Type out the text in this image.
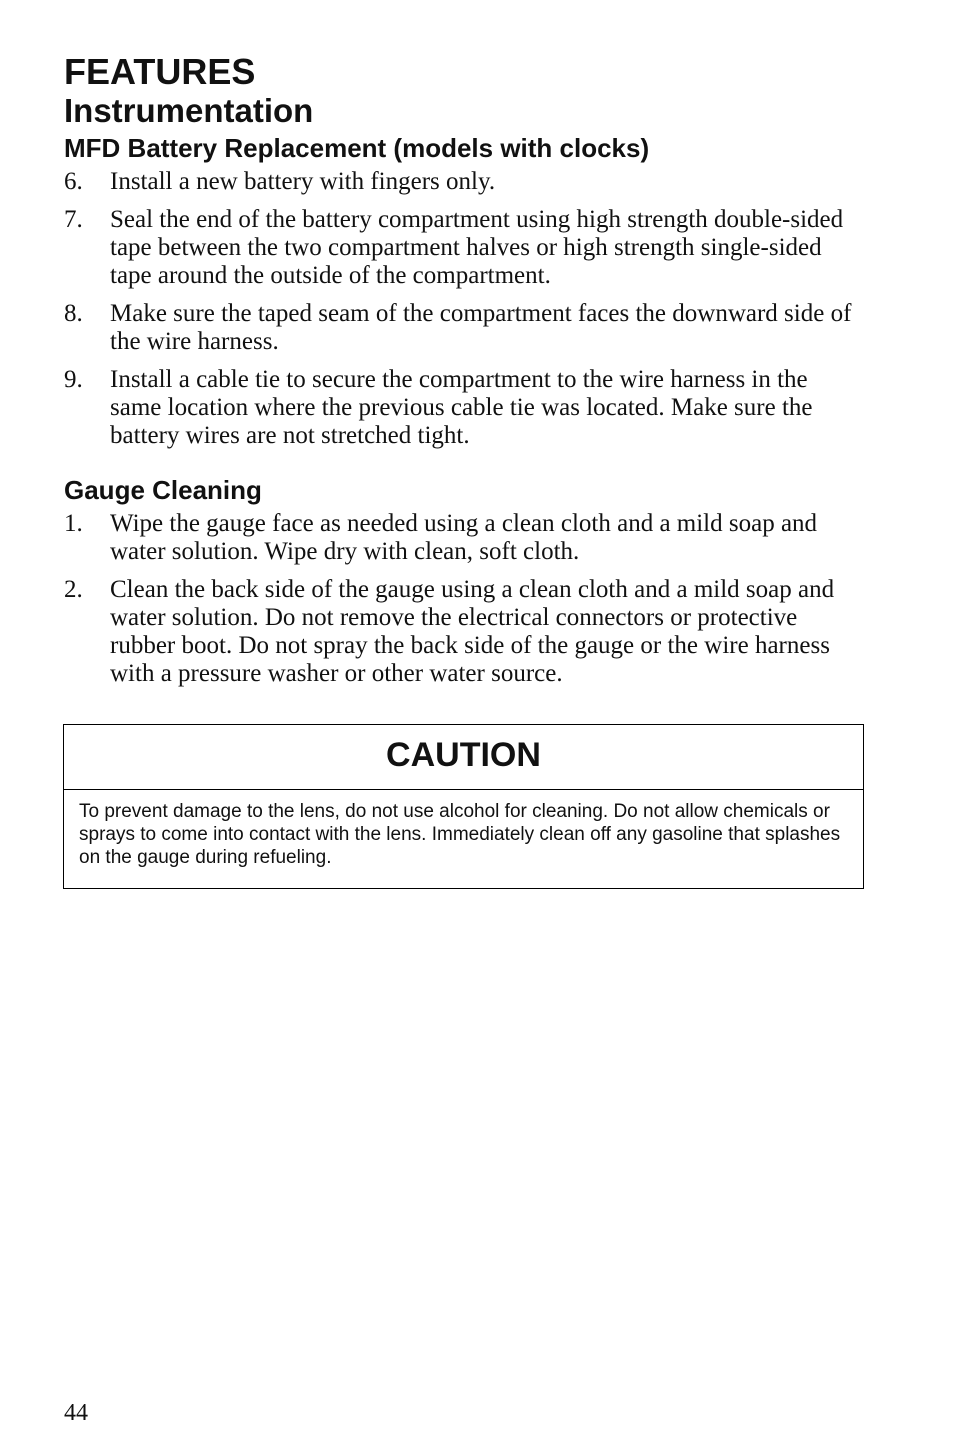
FEATURES
Instrumentation
MFD Battery Replacement (models with clocks)
6. Install a new battery with fingers only.
7. Seal the end of the battery compartment using high strength double-sided tape between the two compartment halves or high strength single-sided tape around the outside of the compartment.
8. Make sure the taped seam of the compartment faces the downward side of the wire harness.
9. Install a cable tie to secure the compartment to the wire harness in the same location where the previous cable tie was located. Make sure the battery wires are not stretched tight.
Gauge Cleaning
1. Wipe the gauge face as needed using a clean cloth and a mild soap and water solution. Wipe dry with clean, soft cloth.
2. Clean the back side of the gauge using a clean cloth and a mild soap and water solution. Do not remove the electrical connectors or protective rubber boot. Do not spray the back side of the gauge or the wire harness with a pressure washer or other water source.
CAUTION
To prevent damage to the lens, do not use alcohol for cleaning. Do not allow chemicals or sprays to come into contact with the lens. Immediately clean off any gasoline that splashes on the gauge during refueling.
44
